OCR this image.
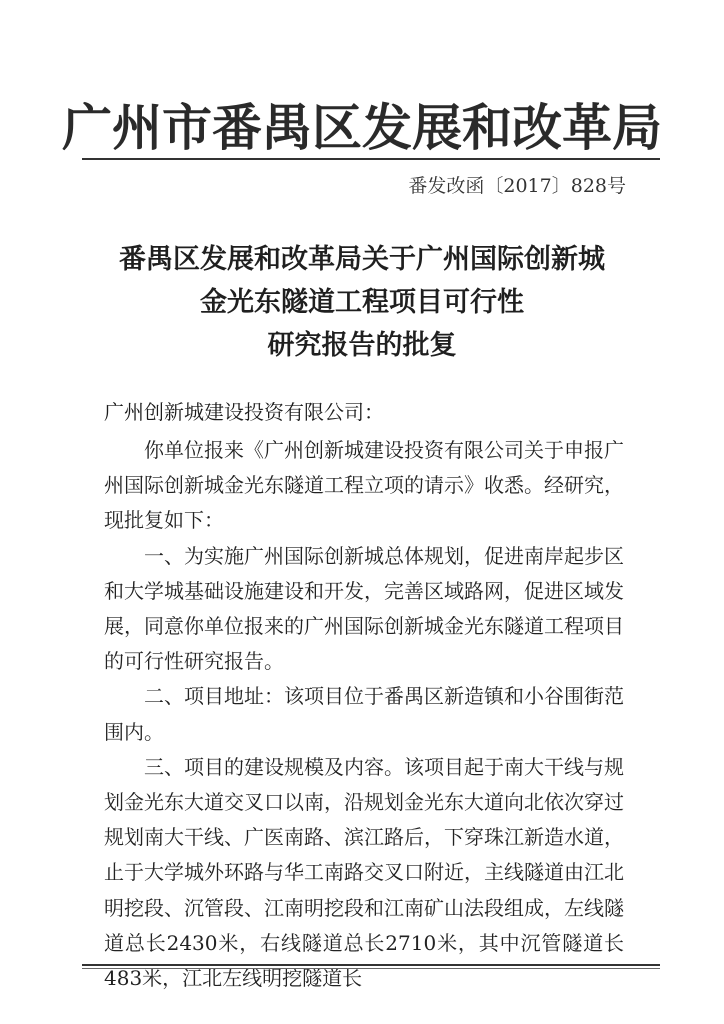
广州市番禺区发展和改革局
番发改函〔2017〕828号
番禺区发展和改革局关于广州国际创新城
金光东隧道工程项目可行性
研究报告的批复
广州创新城建设投资有限公司：

你单位报来《广州创新城建设投资有限公司关于申报广州国际创新城金光东隧道工程立项的请示》收悉。经研究，现批复如下：

一、为实施广州国际创新城总体规划，促进南岸起步区和大学城基础设施建设和开发，完善区域路网，促进区域发展，同意你单位报来的广州国际创新城金光东隧道工程项目的可行性研究报告。

二、项目地址：该项目位于番禺区新造镇和小谷围街范围内。

三、项目的建设规模及内容。该项目起于南大干线与规划金光东大道交叉口以南，沿规划金光东大道向北依次穿过规划南大干线、广医南路、滨江路后，下穿珠江新造水道，止于大学城外环路与华工南路交叉口附近，主线隧道由江北明挖段、沉管段、江南明挖段和江南矿山法段组成，左线隧道总长2430米，右线隧道总长2710米，其中沉管隧道长483米，江北左线明挖隧道长
